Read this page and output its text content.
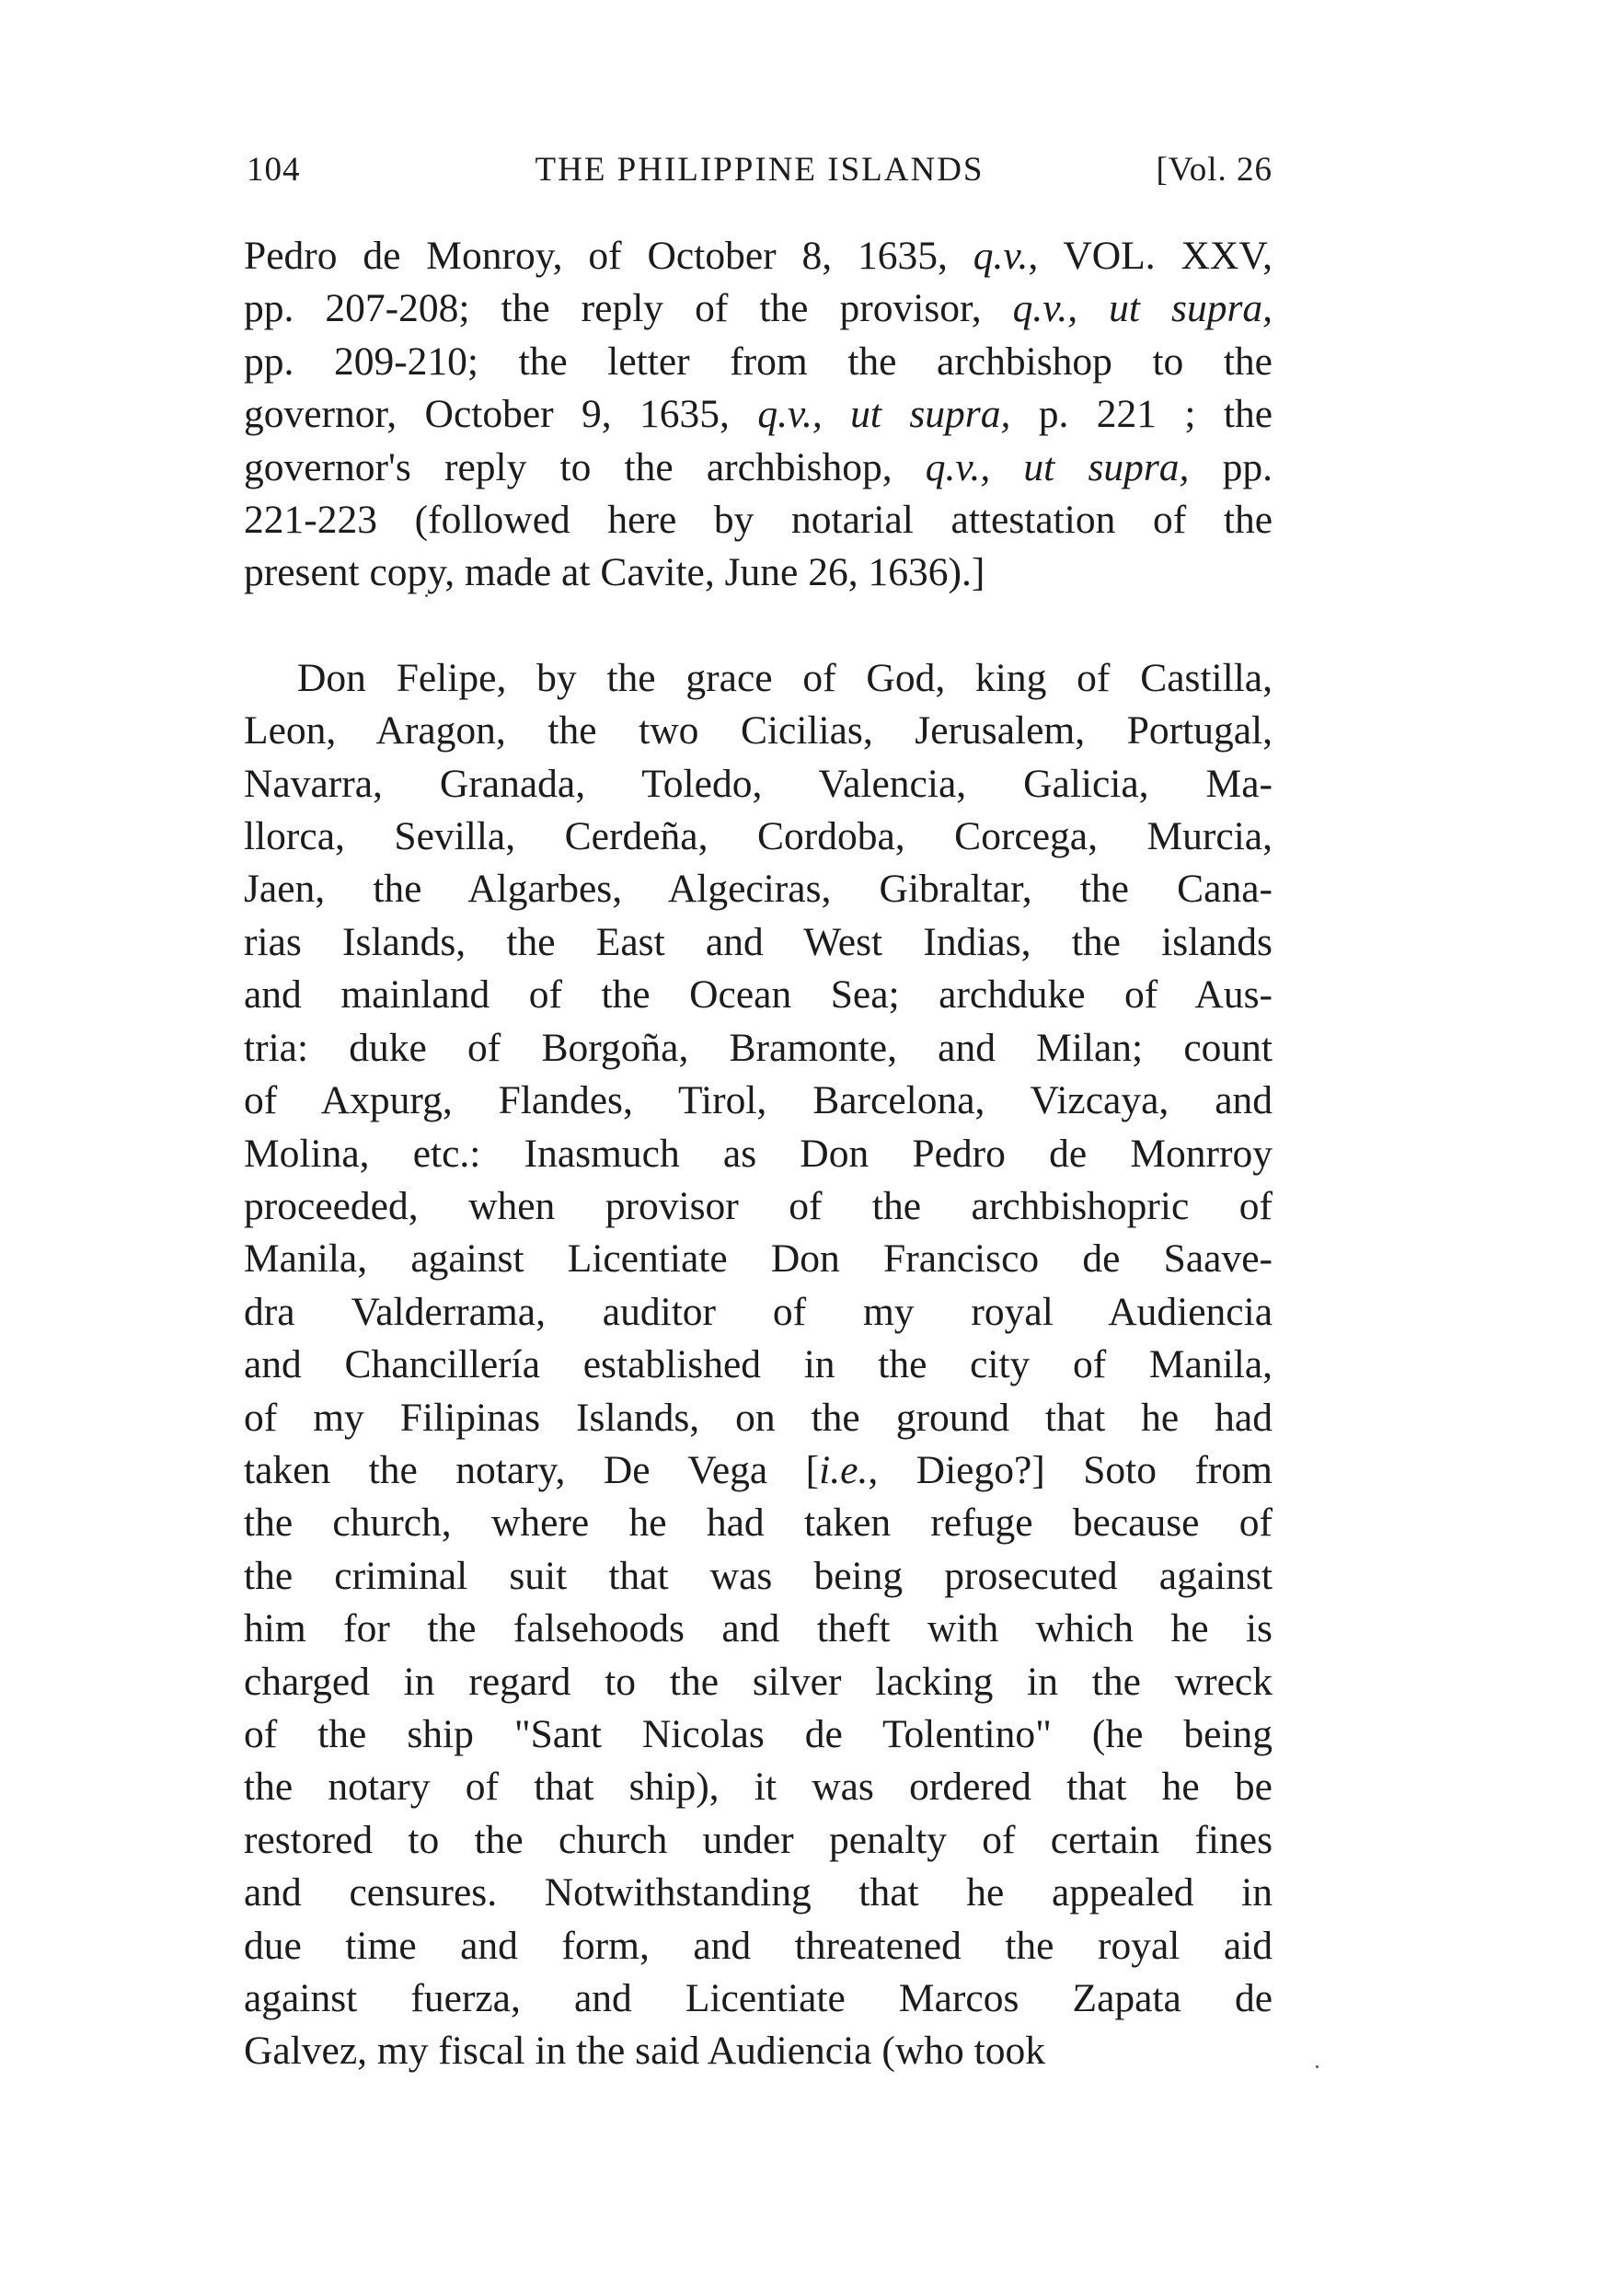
104	THE PHILIPPINE ISLANDS	[Vol. 26
Pedro de Monroy, of October 8, 1635, q.v., VOL. XXV,
pp. 207-208; the reply of the provisor, q.v., ut supra,
pp. 209-210; the letter from the archbishop to the
governor, October 9, 1635, q.v., ut supra, p. 221 ; the
governor's reply to the archbishop, q.v., ut supra, pp.
221-223 (followed here by notarial attestation of the
present copy, made at Cavite, June 26, 1636).]
Don Felipe, by the grace of God, king of Castilla,
Leon, Aragon, the two Cicilias, Jerusalem, Portugal,
Navarra, Granada, Toledo, Valencia, Galicia, Ma-
llorca, Sevilla, Cerdeña, Cordoba, Corcega, Murcia,
Jaen, the Algarbes, Algeciras, Gibraltar, the Cana-
rias Islands, the East and West Indias, the islands
and mainland of the Ocean Sea; archduke of Aus-
tria: duke of Borgoña, Bramonte, and Milan; count
of Axpurg, Flandes, Tirol, Barcelona, Vizcaya, and
Molina, etc.: Inasmuch as Don Pedro de Monrroy
proceeded, when provisor of the archbishopric of
Manila, against Licentiate Don Francisco de Saave-
dra Valderrama, auditor of my royal Audiencia
and Chancillería established in the city of Manila,
of my Filipinas Islands, on the ground that he had
taken the notary, De Vega [i.e., Diego?] Soto from
the church, where he had taken refuge because of
the criminal suit that was being prosecuted against
him for the falsehoods and theft with which he is
charged in regard to the silver lacking in the wreck
of the ship "Sant Nicolas de Tolentino" (he being
the notary of that ship), it was ordered that he be
restored to the church under penalty of certain fines
and censures. Notwithstanding that he appealed in
due time and form, and threatened the royal aid
against fuerza, and Licentiate Marcos Zapata de
Galvez, my fiscal in the said Audiencia (who took
